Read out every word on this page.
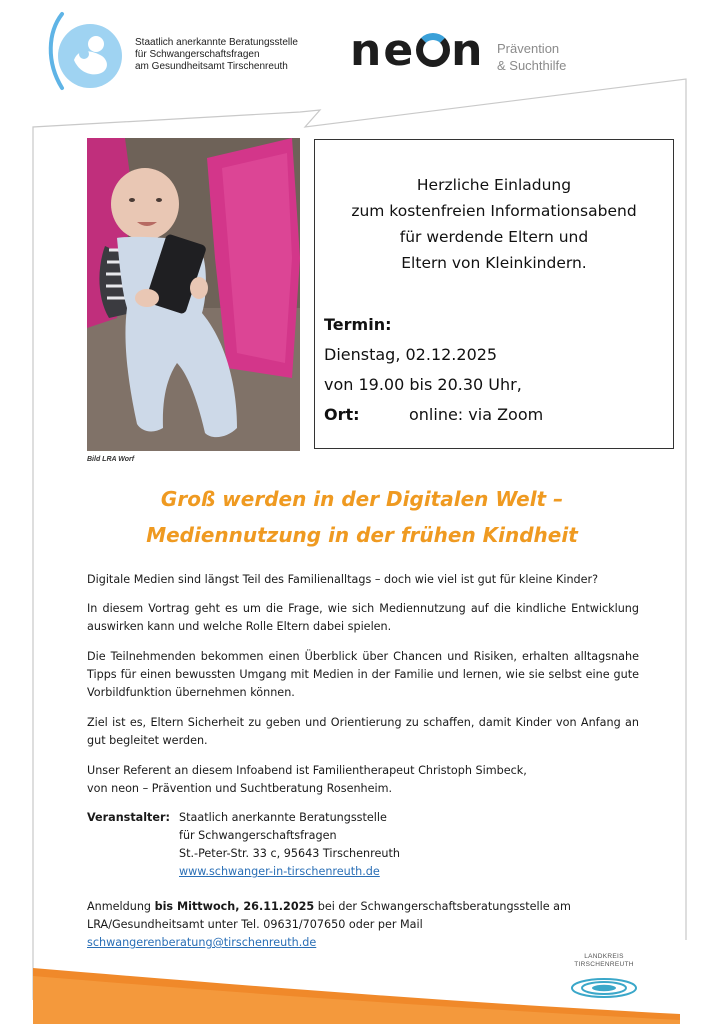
Staatlich anerkannte Beratungsstelle
für Schwangerschaftsfragen
am Gesundheitsamt Tirschenreuth ne n Prävention
& Suchthilfe
Bild LRA Worf
Herzliche Einladung
zum kostenfreien Informationsabend
für werdende Eltern und
Eltern von Kleinkindern.
Termin:
Dienstag, 02.12.2025
von 19.00 bis 20.30 Uhr,
Ort:	online: via Zoom
Groß werden in der Digitalen Welt –
Mediennutzung in der frühen Kindheit
Digitale Medien sind längst Teil des Familienalltags – doch wie viel ist gut für kleine Kinder?
In diesem Vortrag geht es um die Frage, wie sich Mediennutzung auf die kindliche Entwicklung auswirken kann und welche Rolle Eltern dabei spielen.
Die Teilnehmenden bekommen einen Überblick über Chancen und Risiken, erhalten alltagsnahe Tipps für einen bewussten Umgang mit Medien in der Familie und lernen, wie sie selbst eine gute Vorbildfunktion übernehmen können.
Ziel ist es, Eltern Sicherheit zu geben und Orientierung zu schaffen, damit Kinder von Anfang an gut begleitet werden.
Unser Referent an diesem Infoabend ist Familientherapeut Christoph Simbeck,
von neon – Prävention und Suchtberatung Rosenheim.
Veranstalter: Staatlich anerkannte Beratungsstelle
für Schwangerschaftsfragen
St.-Peter-Str. 33 c, 95643 Tirschenreuth
www.schwanger-in-tirschenreuth.de
Anmeldung bis Mittwoch, 26.11.2025 bei der Schwangerschaftsberatungsstelle am
LRA/Gesundheitsamt unter Tel. 09631/707650 oder per Mail
schwangerenberatung@tirschenreuth.de
LANDKREIS
TIRSCHENREUTH
